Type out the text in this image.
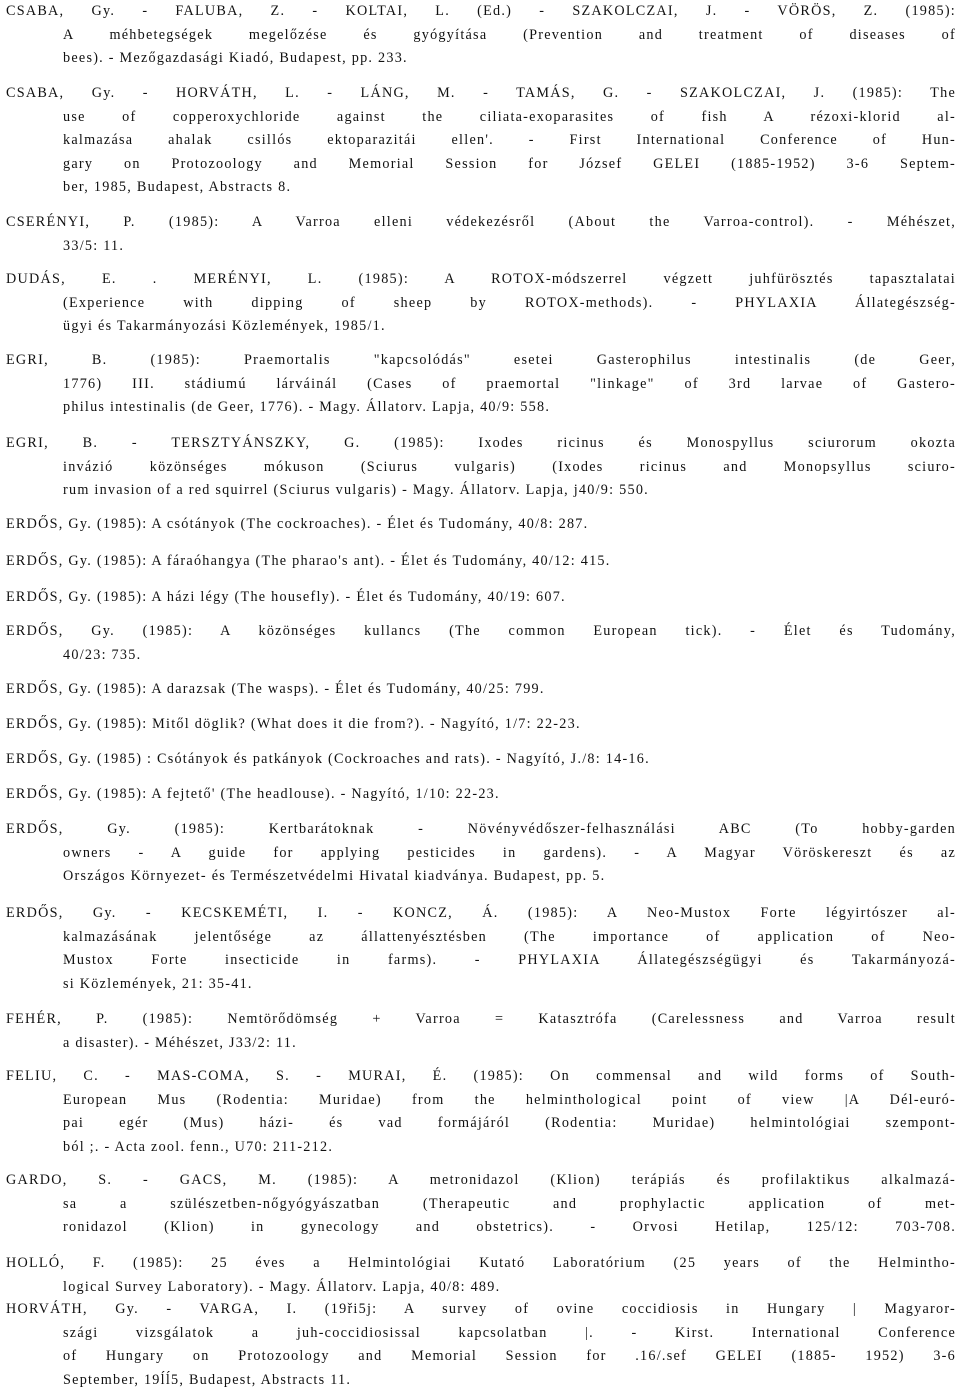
CSABA, Gy. - FALUBA, Z. - KOLTAI, L. (Ed.) - SZAKOLCZAI, J. - VÖRÖS, Z. (1985):
A méhbetegségek megelőzése és gyógyítása (Prevention and treatment of diseases of
bees). - Mezőgazdasági Kiadó, Budapest, pp. 233.
CSABA, Gy. - HORVÁTH, L. - LÁNG, M. - TAMÁS, G. - SZAKOLCZAI, J. (1985): The
use of copperoxychloride against the ciliata-exoparasites of fish A rézoxi-klorid al-
kalmazása ahalak csillós ektoparazitái ellen'. - First International Conference of Hun-
gary on Protozoology and Memorial Session for József GELEI (1885-1952) 3-6 Septem-
ber, 1985, Budapest, Abstracts 8.
CSERÉNYI, P. (1985): A Varroa elleni védekezésről (About the Varroa-control). - Méhészet,
33/5: 11.
DUDÁS, E. . MERÉNYI, L. (1985): A ROTOX-módszerrel végzett juhfürösztés tapasztalatai
(Experience with dipping of sheep by ROTOX-methods). - PHYLAXIA Állategészség-
ügyi és Takarmányozási Közlemények, 1985/1.
EGRI, B. (1985): Praemortalis "kapcsolódás" esetei Gasterophilus intestinalis (de Geer,
1776) III. stádiumú lárváinál (Cases of praemortal "linkage" of 3rd larvae of Gastero-
philus intestinalis (de Geer, 1776). - Magy. Állatorv. Lapja, 40/9: 558.
EGRI, B. - TERSZTYÁNSZKY, G. (1985): Ixodes ricinus és Monospyllus sciurorum okozta
invázió közönséges mókuson (Sciurus vulgaris) (Ixodes ricinus and Monopsyllus sciuro-
rum invasion of a red squirrel (Sciurus vulgaris) - Magy. Állatorv. Lapja, j40/9: 550.
ERDŐS, Gy. (1985): A csótányok (The cockroaches). - Élet és Tudomány, 40/8: 287.
ERDŐS, Gy. (1985): A fáraóhangya (The pharao's ant). - Élet és Tudomány, 40/12: 415.
ERDŐS, Gy. (1985): A házi légy (The housefly). - Élet és Tudomány, 40/19: 607.
ERDŐS, Gy. (1985): A közönséges kullancs (The common European tick). - Élet és Tudomány,
40/23: 735.
ERDŐS, Gy. (1985): A darazsak (The wasps). - Élet és Tudomány, 40/25: 799.
ERDŐS, Gy. (1985): Mitől döglik? (What does it die from?). - Nagyító, 1/7: 22-23.
ERDŐS, Gy. (1985) : Csótányok és patkányok (Cockroaches and rats). - Nagyító, J./8: 14-16.
ERDŐS, Gy. (1985): A fejtető' (The headlouse). - Nagyító, 1/10: 22-23.
ERDŐS, Gy. (1985): Kertbarátoknak - Növényvédőszer-felhasználási ABC (To hobby-garden
owners - A guide for applying pesticides in gardens). - A Magyar Vöröskereszt és az
Országos Környezet- és Természetvédelmi Hivatal kiadványa. Budapest, pp. 5.
ERDŐS, Gy. - KECSKEMÉTI, I. - KONCZ, Á. (1985): A Neo-Mustox Forte légyirtószer al-
kalmazásának jelentősége az állattenyésztésben (The importance of application of Neo-
Mustox Forte insecticide in farms). - PHYLAXIA Állategészségügyi és Takarmányozá-
si Közlemények, 21: 35-41.
FEHÉR, P. (1985): Nemtörődömség + Varroa = Katasztrófa (Carelessness and Varroa result
a disaster). - Méhészet, J33/2: 11.
FELIU, C. - MAS-COMA, S. - MURAI, É. (1985): On commensal and wild forms of South-
European Mus (Rodentia: Muridae) from the helminthological point of view |A Dél-euró-
pai egér (Mus) házi- és vad formájáról (Rodentia: Muridae) helmintológiai szempont-
ból ;. - Acta zool. fenn., U70: 211-212.
GARDO, S. - GACS, M. (1985): A metronidazol (Klion) terápiás és profilaktikus alkalmazá-
sa a szülészetben-nőgyógyászatban (Therapeutic and prophylactic application of met-
ronidazol (Klion) in gynecology and obstetrics). - Orvosi Hetilap, 125/12: 703-708.
HOLLÓ, F. (1985): 25 éves a Helmintológiai Kutató Laboratórium (25 years of the Helmintho-
logical Survey Laboratory). - Magy. Állatorv. Lapja, 40/8: 489.
HORVÁTH, Gy. - VARGA, I. (19ři5j: A survey of ovine coccidiosis in Hungary | Magyaror-
szági vizsgálatok a juh-coccidiosissal kapcsolatban |. - Kirst. International Conference
of Hungary on Protozoology and Memorial Session for .16/.sef GELEI (1885- 1952) 3-6
September, 19ĺĺ5, Budapest, Abstracts 11.
